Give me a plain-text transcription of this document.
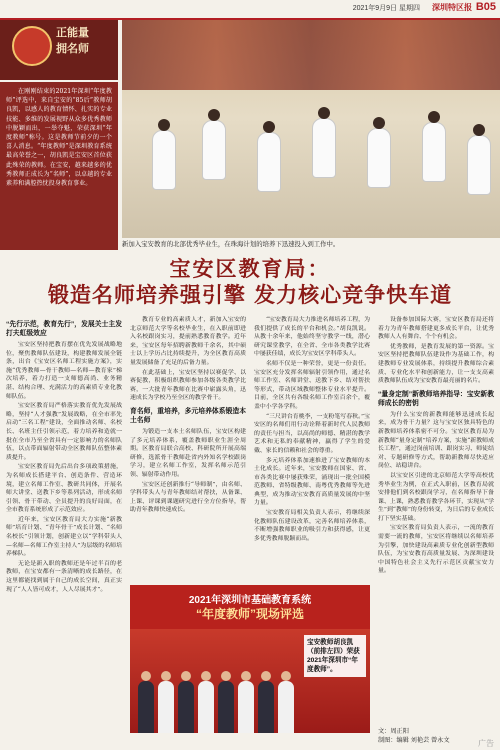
2021年9月9日 星期四 深圳特区报 B05
正能量
拥名师

在刚刚结束的2021年深圳“年度教师”评选中，来自宝安的“85后”教师胡良凯，以感人的教育情怀、扎实的专业技能、多维的发展视野从众多优秀教师中脱颖而出，一举夺魁，荣获深圳“年度教师”称号。这是教师节前夕的一个喜人消息。“年度教师”是深圳教育系统最高荣誉之一，胡良凯是宝安区首位获此殊荣的教师。在宝安，越来越多的优秀教师正成长为“名师”，以卓越的专业素养和满腔热忱投身教育事业。

新加入宝安教育的北部优秀毕业生，在珠海计划的培养下迅速投入到工作中。
宝安区教育局：
锻造名师培养强引擎 发力核心竞争快车道

“先行示范，教育先行”，发展关士主发打夫虹级效应

宝安区坚持把教育摆在优先发展战略地位，聚焦教师队伍建设，构建教师发展全链条，出台《宝安区名师工程实施方案》，实施“优秀教师—骨干教师—名师—教育家”梯次培养，着力打造一支师德高尚、业务精湛、结构合理、充满活力的高素质专业化教师队伍。

宝安区教育局严格落实教育优先发展战略，坚持“人才强教”发展战略，在全市率先启动“三名工程”建设，全面推动名师、名校长、名班主任引领示范，着力培养和造就一批在全市乃至全省具有一定影响力的名师队伍，以点带面辐射带动全区教师队伍整体素质提升。

宝安区教育局先后出台多项政策措施，为名师成长搭建平台、创造条件、营造环境，建立名师工作室、教研共同体，开展名师大讲堂、送教下乡等系列活动，形成名师引领、骨干带动、全员提升的良好局面，在全市教育系统形成了示范效应。

近年来，宝安区教育局大力实施“新教师”培育计划、“青年骨干”成长计划、“名师名校长”引领计划，创新建立以“学科带头人—名师—名师工作室主持人”为层级的名师培养梯队。

无论是新入职的教师还是年过半百的老教师，在宝安都有一条清晰的成长路径，在这里都能找到属于自己的成长空间，真正实现了“人人皆可成才，人人尽展其才”。

教育专业的高素质人才，新加入宝安的北京师范大学等名校毕业生，在入职前即进入名校跟岗实习，提前熟悉教育教学。近年来，宝安区每年招聘新教师千余名，其中硕士以上学历占比持续提升，为全区教育高质量发展储备了充足的后备力量。

在此基础上，宝安区坚持以赛促学、以赛促教，积极组织教师参加各级各类教学比赛，一大批青年教师在比赛中崭露头角，迅速成长为学校乃至全区的教学骨干。

育名师，重培养，多元培养体系锻造本土名师

为锻造一支本土名师队伍，宝安区构建了多元培养体系，覆盖教师职业生涯全周期。区教育局联合高校、科研院所开展高端研修，选派骨干教师赴省内外知名学校跟岗学习，建立名师工作室，发挥名师示范引领、辐射带动作用。

宝安区还创新推行“导师制”，由名师、学科带头人与青年教师结对帮扶，从备课、上课、评课到课题研究进行全方位指导，帮助青年教师快速成长。

“宝安教育局大力推进名师培养工程，为我们提供了成长的平台和机会。”胡良凯说。从教十余年来，他始终坚守教学一线，潜心研究课堂教学，在全省、全市各类教学比赛中屡获佳绩，成长为宝安区学科带头人。

名师不仅是一种荣誉，更是一份责任。宝安区充分发挥名师辐射引领作用，通过名师工作室、名师讲堂、送教下乡、结对帮扶等形式，带动区域教师整体专业水平提升。目前，全区共有各级名师工作室百余个，覆盖中小学各学科。

“三尺讲台育桃李，一支粉笔写春秋。”宝安区的名师们用行动诠释着新时代人民教师的责任与担当，以高尚的师德、精湛的教学艺术和无私的奉献精神，赢得了学生的爱戴、家长的信赖和社会的尊重。

多元培养体系加速推进了宝安教师的本土化成长。近年来，宝安教师在国家、省、市各类比赛中屡获殊荣，涌现出一批全国模范教师、省特级教师、南粤优秀教师等先进典型，成为推动宝安教育高质量发展的中坚力量。

宝安教育局相关负责人表示，将继续深化教师队伍建设改革，完善名师培养体系，不断增强教师职业的吸引力和获得感，让更多优秀教师脱颖而出。

设备参加国际大赛，宝安区教育局还将着力为青年教师搭建更多成长平台，让优秀教师人人有舞台、个个有机会。

优秀教师，是教育发展的第一资源。宝安区坚持把教师队伍建设作为基础工作，构建教师专业发展体系，持续提升教师综合素质、专业化水平和创新能力，让一支支高素质教师队伍成为宝安教育最亮丽的名片。

“量身定制”新教师培养指导：宝安新教师成长的密钥

为什么宝安的新教师能够迅速成长起来，成为骨干力量？这与宝安区独具特色的新教师培养体系密不可分。宝安区教育局为新教师“量身定制”培养方案，实施“新教师成长工程”，通过岗前培训、跟岗实习、师徒结对、专题研修等方式，帮助新教师尽快适应岗位、站稳讲台。

以宝安区引进的北京师范大学等高校优秀毕业生为例，在正式入职前，区教育局就安排他们到名校跟岗学习，在名师指导下备课、上课，熟悉教育教学各环节，实现从“学生”到“教师”的身份转变，为日后的专业成长打下坚实基础。

宝安区教育局负责人表示，一流的教育需要一流的教师，宝安区将继续以名师培养为引擎，加快建设高素质专业化创新型教师队伍，为宝安教育高质量发展、为深圳建设中国特色社会主义先行示范区贡献宝安力量。

2021年深圳市基础教育系统
“年度教师”现场评选
宝安教师胡良凯（前排左四）荣获2021年深圳市“年度教师”。
文：周正阳
制图：编辑 刘艳芸 曾永文	广告
